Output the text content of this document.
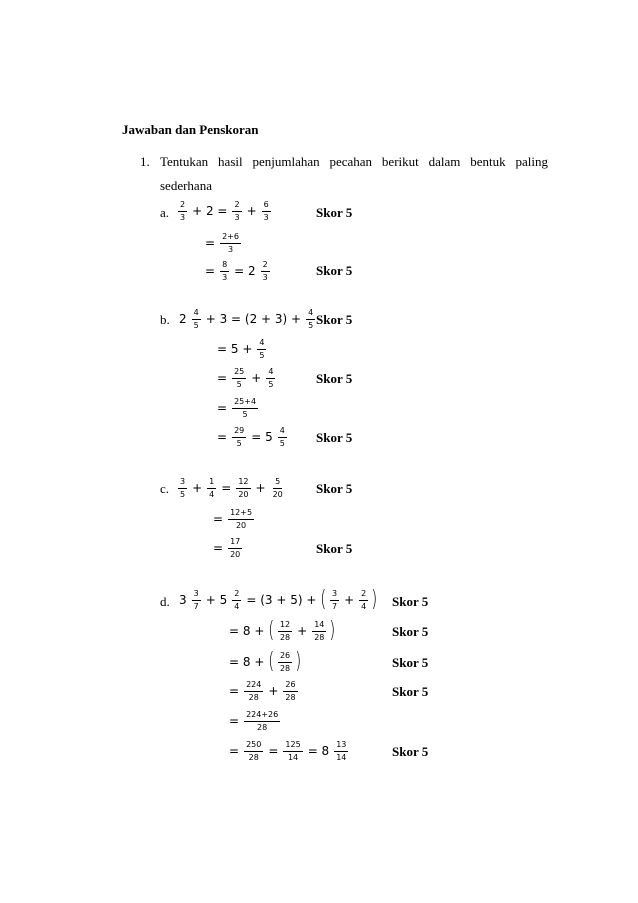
Jawaban dan Penskoran
1. Tentukan hasil penjumlahan pecahan berikut dalam bentuk paling
sederhana
a.
b.
c.
d.
$\frac{2}{3} + 2 = \frac{2}{3} + \frac{6}{3}$
= $\frac{2+6}{3}$
= $\frac{8}{3} = 2 \frac{2}{3}$
$2 \frac{4}{5} + 3 = (2 + 3) + \frac{4}{5}$
= $5 + \frac{4}{5}$
= $\frac{25}{5} + \frac{4}{5}$
= $\frac{25+4}{5}$
= $\frac{29}{5} = 5 \frac{4}{5}$
$\frac{3}{5} + \frac{1}{4} = \frac{12}{20} + \frac{5}{20}$
= $\frac{12+5}{20}$
= $\frac{17}{20}$
$3 \frac{3}{7} + 5 \frac{2}{4} = (3 + 5)$ + ( $\frac{3}{7} + \frac{2}{4}$ )
= 8 + ( $\frac{12}{28} + \frac{14}{28}$ )
= 8 + ( $\frac{26}{28}$ )
= $\frac{224}{28} + \frac{26}{28}$
= $\frac{224+26}{28}$
= $\frac{250}{28} = \frac{125}{14} = 8 \frac{13}{14}$
Skor 5
Skor 5
Skor 5
Skor 5
Skor 5
Skor 5
Skor 5
Skor 5
Skor 5
Skor 5
Skor 5
Skor 5
